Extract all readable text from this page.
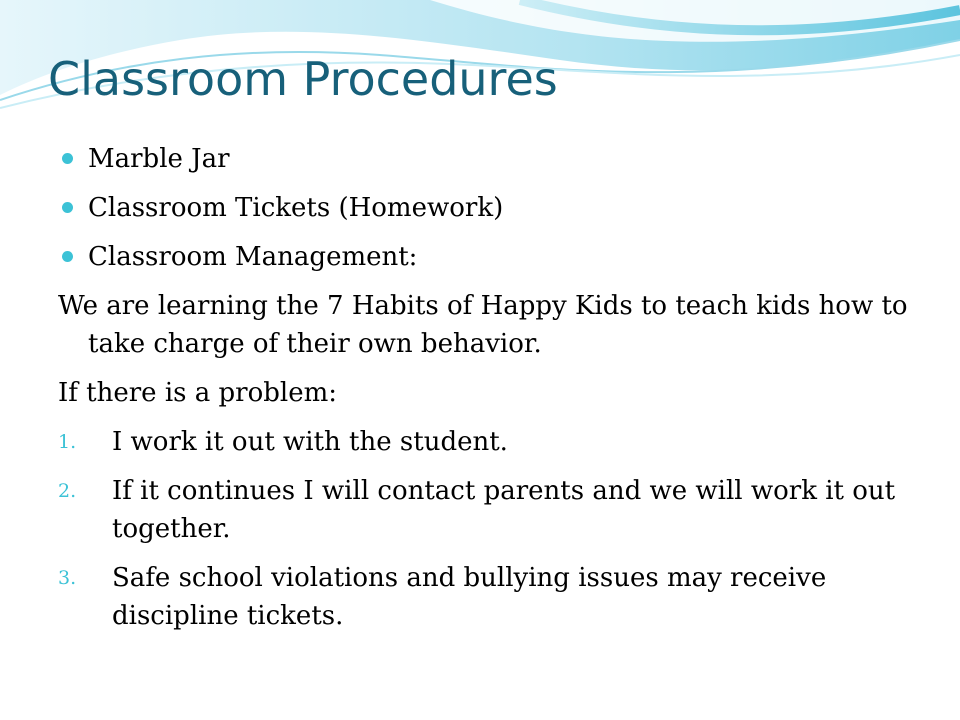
Classroom Procedures
Marble Jar
Classroom Tickets (Homework)
Classroom Management:
We are learning the 7 Habits of Happy Kids to teach kids how to take charge of their own behavior.
If there is a problem:
1. I work it out with the student.
2. If it continues I will contact parents and we will work it out together.
3. Safe school violations and bullying issues may receive  discipline tickets.
